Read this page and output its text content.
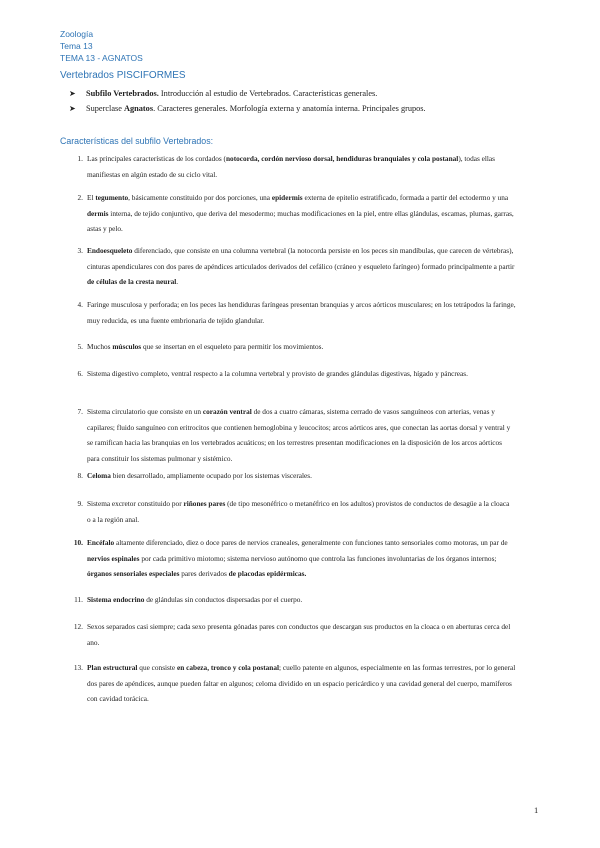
Zoología
Tema 13
TEMA 13 - AGNATOS
Vertebrados PISCIFORMES
➤ Subfilo Vertebrados. Introducción al estudio de Vertebrados. Características generales.
➤ Superclase Agnatos. Caracteres generales. Morfología externa y anatomía interna. Principales grupos.
Características del subfilo Vertebrados:
1. Las principales características de los cordados (notocorda, cordón nervioso dorsal, hendiduras branquiales y cola postanal), todas ellas
manifiestas en algún estado de su ciclo vital.
2. El tegumento, básicamente constituido por dos porciones, una epidermis externa de epitelio estratificado, formada a partir del ectodermo y una
dermis interna, de tejido conjuntivo, que deriva del mesodermo; muchas modificaciones en la piel, entre ellas glándulas, escamas, plumas, garras,
astas y pelo.
3. Endoesqueleto diferenciado, que consiste en una columna vertebral (la notocorda persiste en los peces sin mandíbulas, que carecen de vértebras),
cinturas apendiculares con dos pares de apéndices articulados derivados del cefálico (cráneo y esqueleto faríngeo) formado principalmente a partir
de células de la cresta neural.
4. Faringe musculosa y perforada; en los peces las hendiduras faríngeas presentan branquias y arcos aórticos musculares; en los tetrápodos la faringe,
muy reducida, es una fuente embrionaria de tejido glandular.
5. Muchos músculos que se insertan en el esqueleto para permitir los movimientos.
6. Sistema digestivo completo, ventral respecto a la columna vertebral y provisto de grandes glándulas digestivas, hígado y páncreas.
7. Sistema circulatorio que consiste en un corazón ventral de dos a cuatro cámaras, sistema cerrado de vasos sanguíneos con arterias, venas y
capilares; fluido sanguíneo con eritrocitos que contienen hemoglobina y leucocitos; arcos aórticos ares, que conectan las aortas dorsal y ventral y
se ramifican hacia las branquias en los vertebrados acuáticos; en los terrestres presentan modificaciones en la disposición de los arcos aórticos
para constituir los sistemas pulmonar y sistémico.
8. Celoma bien desarrollado, ampliamente ocupado por los sistemas viscerales.
9. Sistema excretor constituido por riñones pares (de tipo mesonéfrico o metanéfrico en los adultos) provistos de conductos de desagüe a la cloaca
o a la región anal.
10. Encéfalo altamente diferenciado, diez o doce pares de nervios craneales, generalmente con funciones tanto sensoriales como motoras, un par de
nervios espinales por cada primitivo miotomo; sistema nervioso autónomo que controla las funciones involuntarias de los órganos internos;
órganos sensoriales especiales pares derivados de placodas epidérmicas.
11. Sistema endocrino de glándulas sin conductos dispersadas por el cuerpo.
12. Sexos separados casi siempre; cada sexo presenta gónadas pares con conductos que descargan sus productos en la cloaca o en aberturas cerca del
ano.
13. Plan estructural que consiste en cabeza, tronco y cola postanal; cuello patente en algunos, especialmente en las formas terrestres, por lo general
dos pares de apéndices, aunque pueden faltar en algunos; celoma dividido en un espacio pericárdico y una cavidad general del cuerpo, mamíferos
con cavidad torácica.
1
